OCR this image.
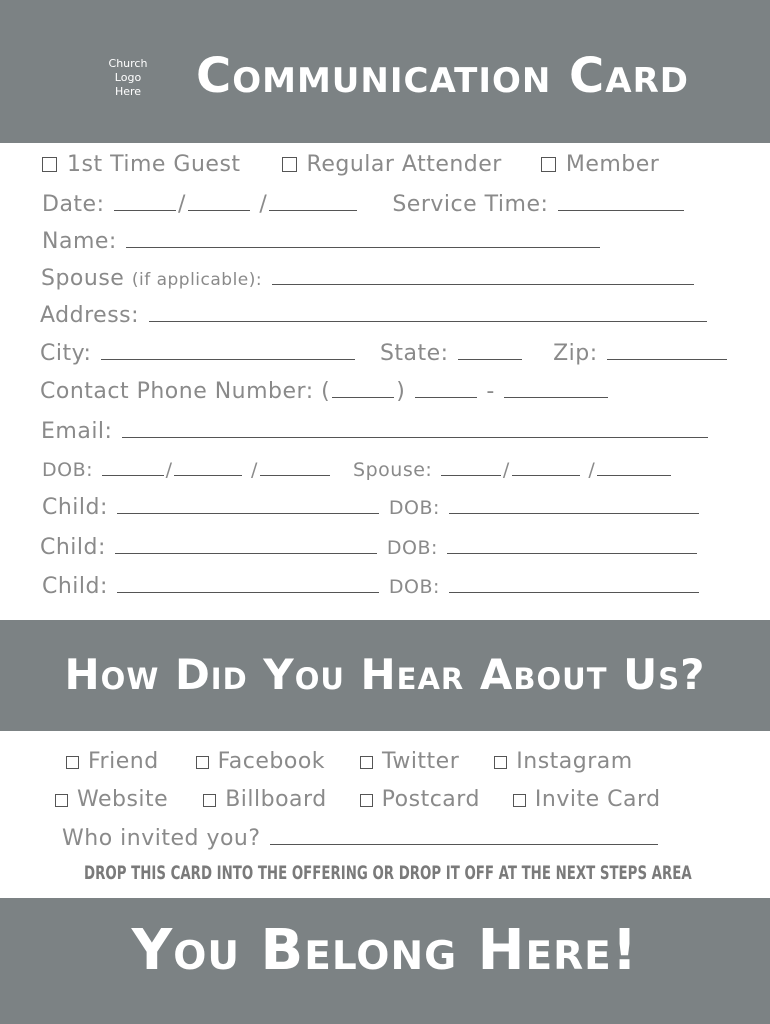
Church
Logo
Here	Communication Card
1st Time Guest	Regular Attender	Member
Date:	/	/	Service Time:
Name:
Spouse (if applicable):
Address:
City:	State:	Zip:
Contact Phone Number: (	)	-
Email:
DOB:	/	/	Spouse:	/	/
Child:	DOB:
Child:	DOB:
Child:	DOB:
How Did You Hear About Us?
Friend	Facebook	Twitter	Instagram
Website	Billboard	Postcard	Invite Card
Who invited you?
DROP THIS CARD INTO THE OFFERING OR DROP IT OFF AT THE NEXT STEPS AREA
You Belong Here!
